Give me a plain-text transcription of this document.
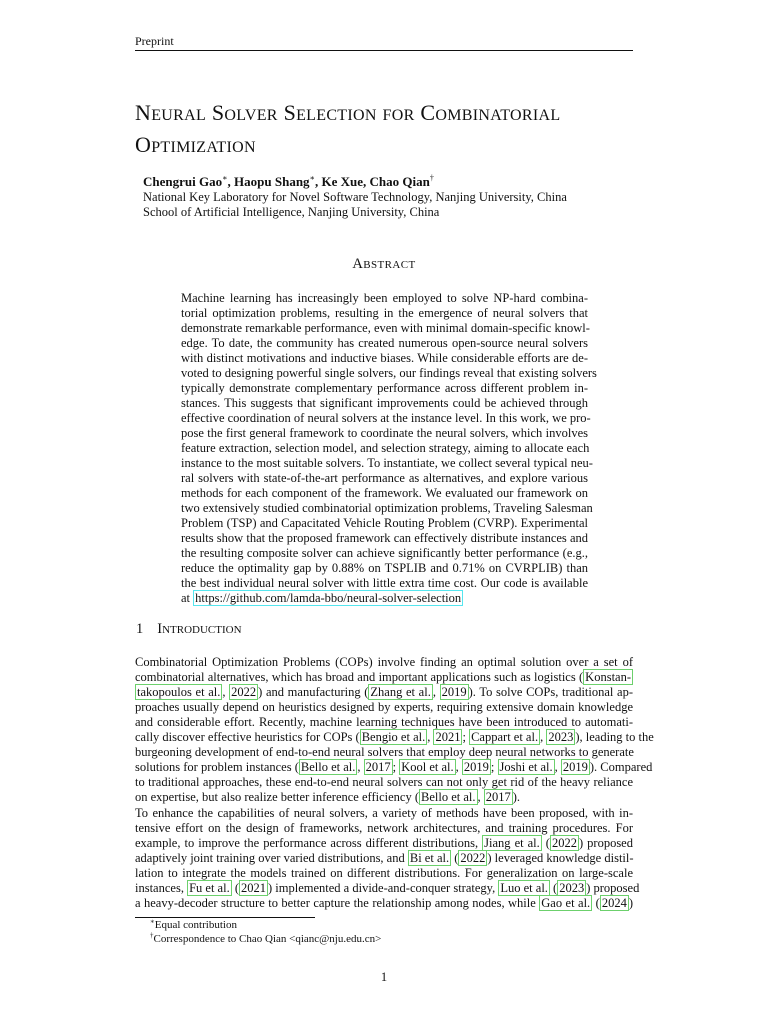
Preprint
NEURAL SOLVER SELECTION FOR COMBINATORIAL
OPTIMIZATION
Chengrui Gao∗, Haopu Shang∗, Ke Xue, Chao Qian†
National Key Laboratory for Novel Software Technology, Nanjing University, China
School of Artificial Intelligence, Nanjing University, China
ABSTRACT
Machine learning has increasingly been employed to solve NP-hard combina-
torial optimization problems, resulting in the emergence of neural solvers that
demonstrate remarkable performance, even with minimal domain-specific knowl-
edge. To date, the community has created numerous open-source neural solvers
with distinct motivations and inductive biases. While considerable efforts are de-
voted to designing powerful single solvers, our findings reveal that existing solvers
typically demonstrate complementary performance across different problem in-
stances. This suggests that significant improvements could be achieved through
effective coordination of neural solvers at the instance level. In this work, we pro-
pose the first general framework to coordinate the neural solvers, which involves
feature extraction, selection model, and selection strategy, aiming to allocate each
instance to the most suitable solvers. To instantiate, we collect several typical neu-
ral solvers with state-of-the-art performance as alternatives, and explore various
methods for each component of the framework. We evaluated our framework on
two extensively studied combinatorial optimization problems, Traveling Salesman
Problem (TSP) and Capacitated Vehicle Routing Problem (CVRP). Experimental
results show that the proposed framework can effectively distribute instances and
the resulting composite solver can achieve significantly better performance (e.g.,
reduce the optimality gap by 0.88% on TSPLIB and 0.71% on CVRPLIB) than
the best individual neural solver with little extra time cost. Our code is available
at https://github.com/lamda-bbo/neural-solver-selection
1 INTRODUCTION
Combinatorial Optimization Problems (COPs) involve finding an optimal solution over a set of
combinatorial alternatives, which has broad and important applications such as logistics ( Konstan-
takopoulos et al. , 2022 ) and manufacturing ( Zhang et al. , 2019 ). To solve COPs, traditional ap-
proaches usually depend on heuristics designed by experts, requiring extensive domain knowledge
and considerable effort. Recently, machine learning techniques have been introduced to automati-
cally discover effective heuristics for COPs ( Bengio et al. , 2021 ; Cappart et al. , 2023 ), leading to the
burgeoning development of end-to-end neural solvers that employ deep neural networks to generate
solutions for problem instances ( Bello et al. , 2017 ; Kool et al. , 2019 ; Joshi et al. , 2019 ). Compared
to traditional approaches, these end-to-end neural solvers can not only get rid of the heavy reliance
on expertise, but also realize better inference efficiency ( Bello et al. , 2017 ).
To enhance the capabilities of neural solvers, a variety of methods have been proposed, with in-
tensive effort on the design of frameworks, network architectures, and training procedures. For
example, to improve the performance across different distributions, Jiang et al. ( 2022 ) proposed
adaptively joint training over varied distributions, and Bi et al. ( 2022 ) leveraged knowledge distil-
lation to integrate the models trained on different distributions. For generalization on large-scale
instances, Fu et al. ( 2021 ) implemented a divide-and-conquer strategy, Luo et al. ( 2023 ) proposed
a heavy-decoder structure to better capture the relationship among nodes, while Gao et al. ( 2024 )
∗Equal contribution
†Correspondence to Chao Qian <qianc@nju.edu.cn>
1
